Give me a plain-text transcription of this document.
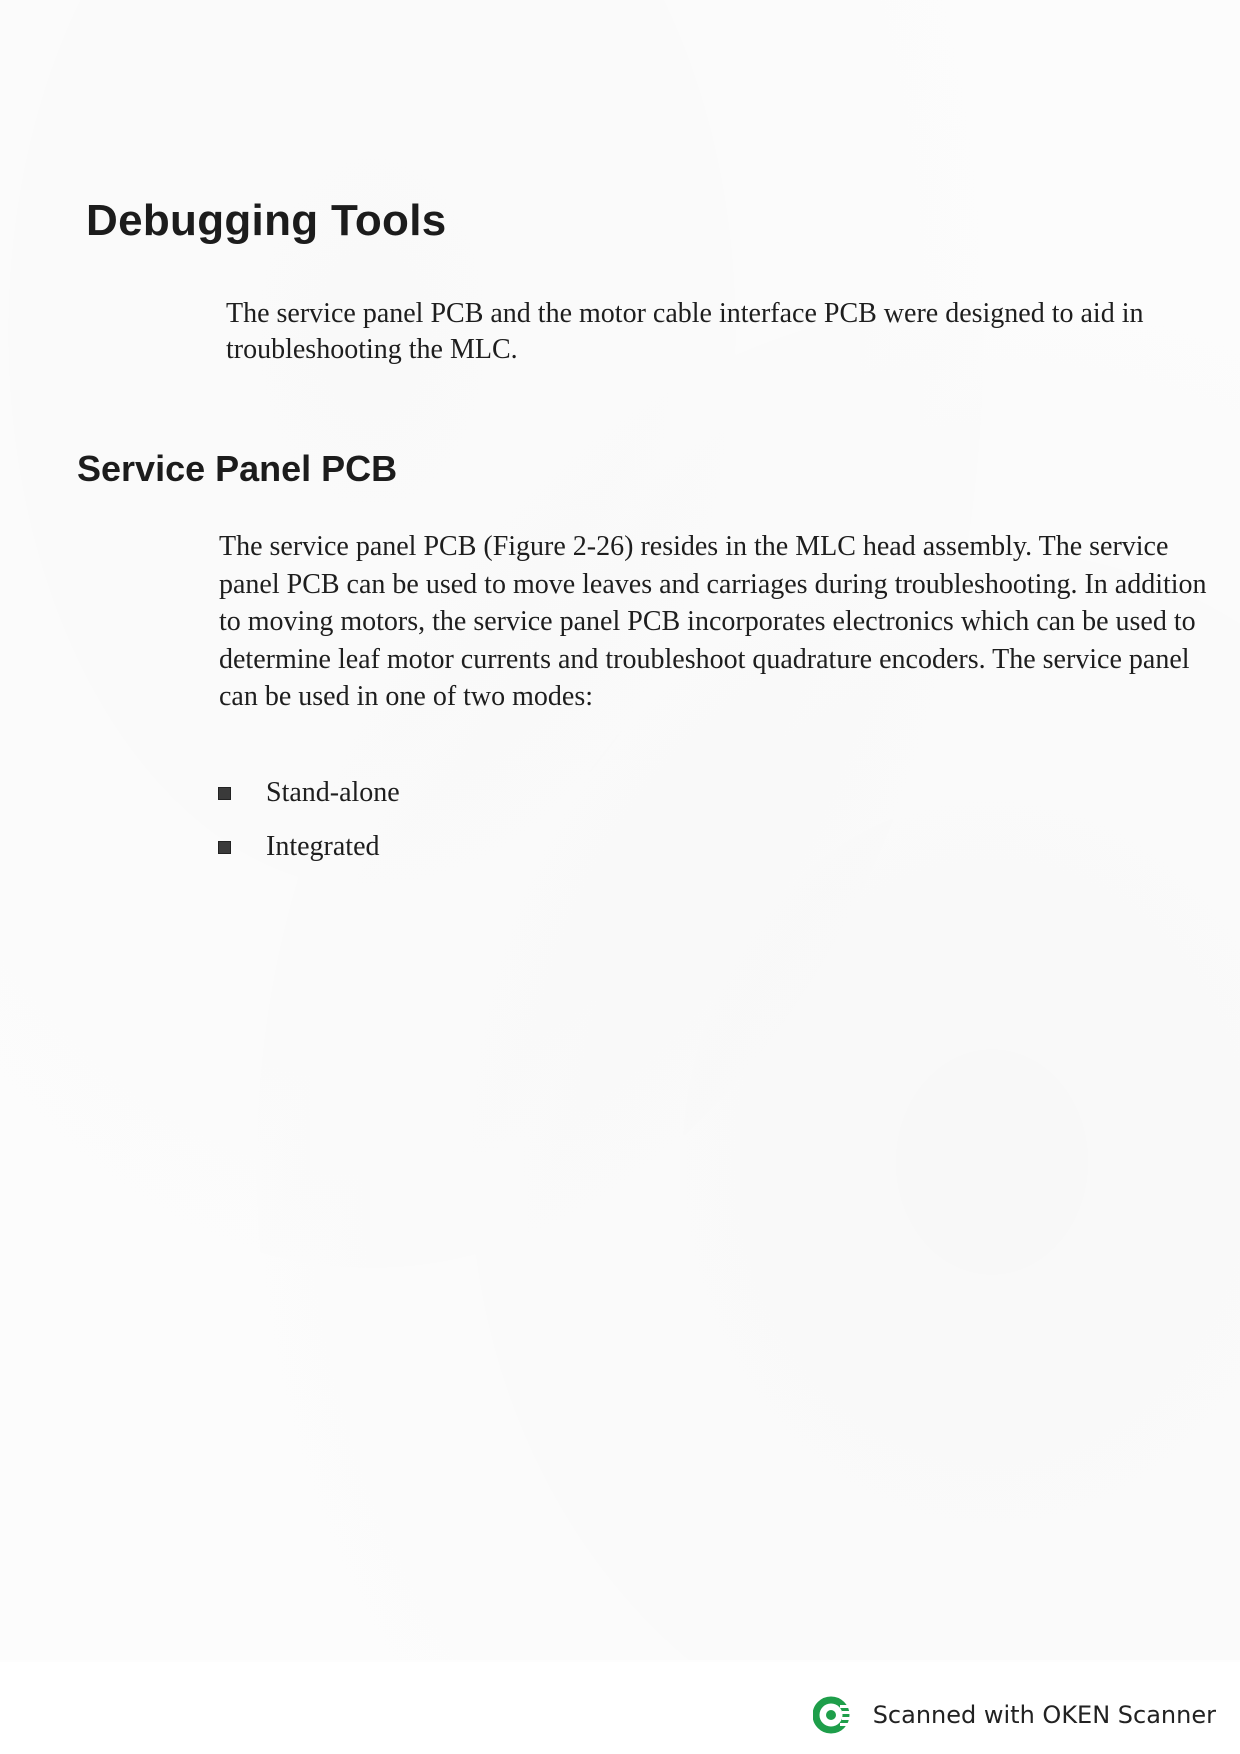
Debugging Tools

The service panel PCB and the motor cable interface PCB were designed to aid in troubleshooting the MLC.

Service Panel PCB

The service panel PCB (Figure 2-26) resides in the MLC head assembly. The service panel PCB can be used to move leaves and carriages during troubleshooting. In addition to moving motors, the service panel PCB incorporates electronics which can be used to determine leaf motor currents and troubleshoot quadrature encoders. The service panel can be used in one of two modes:

Stand-alone
Integrated
Scanned with OKEN Scanner
